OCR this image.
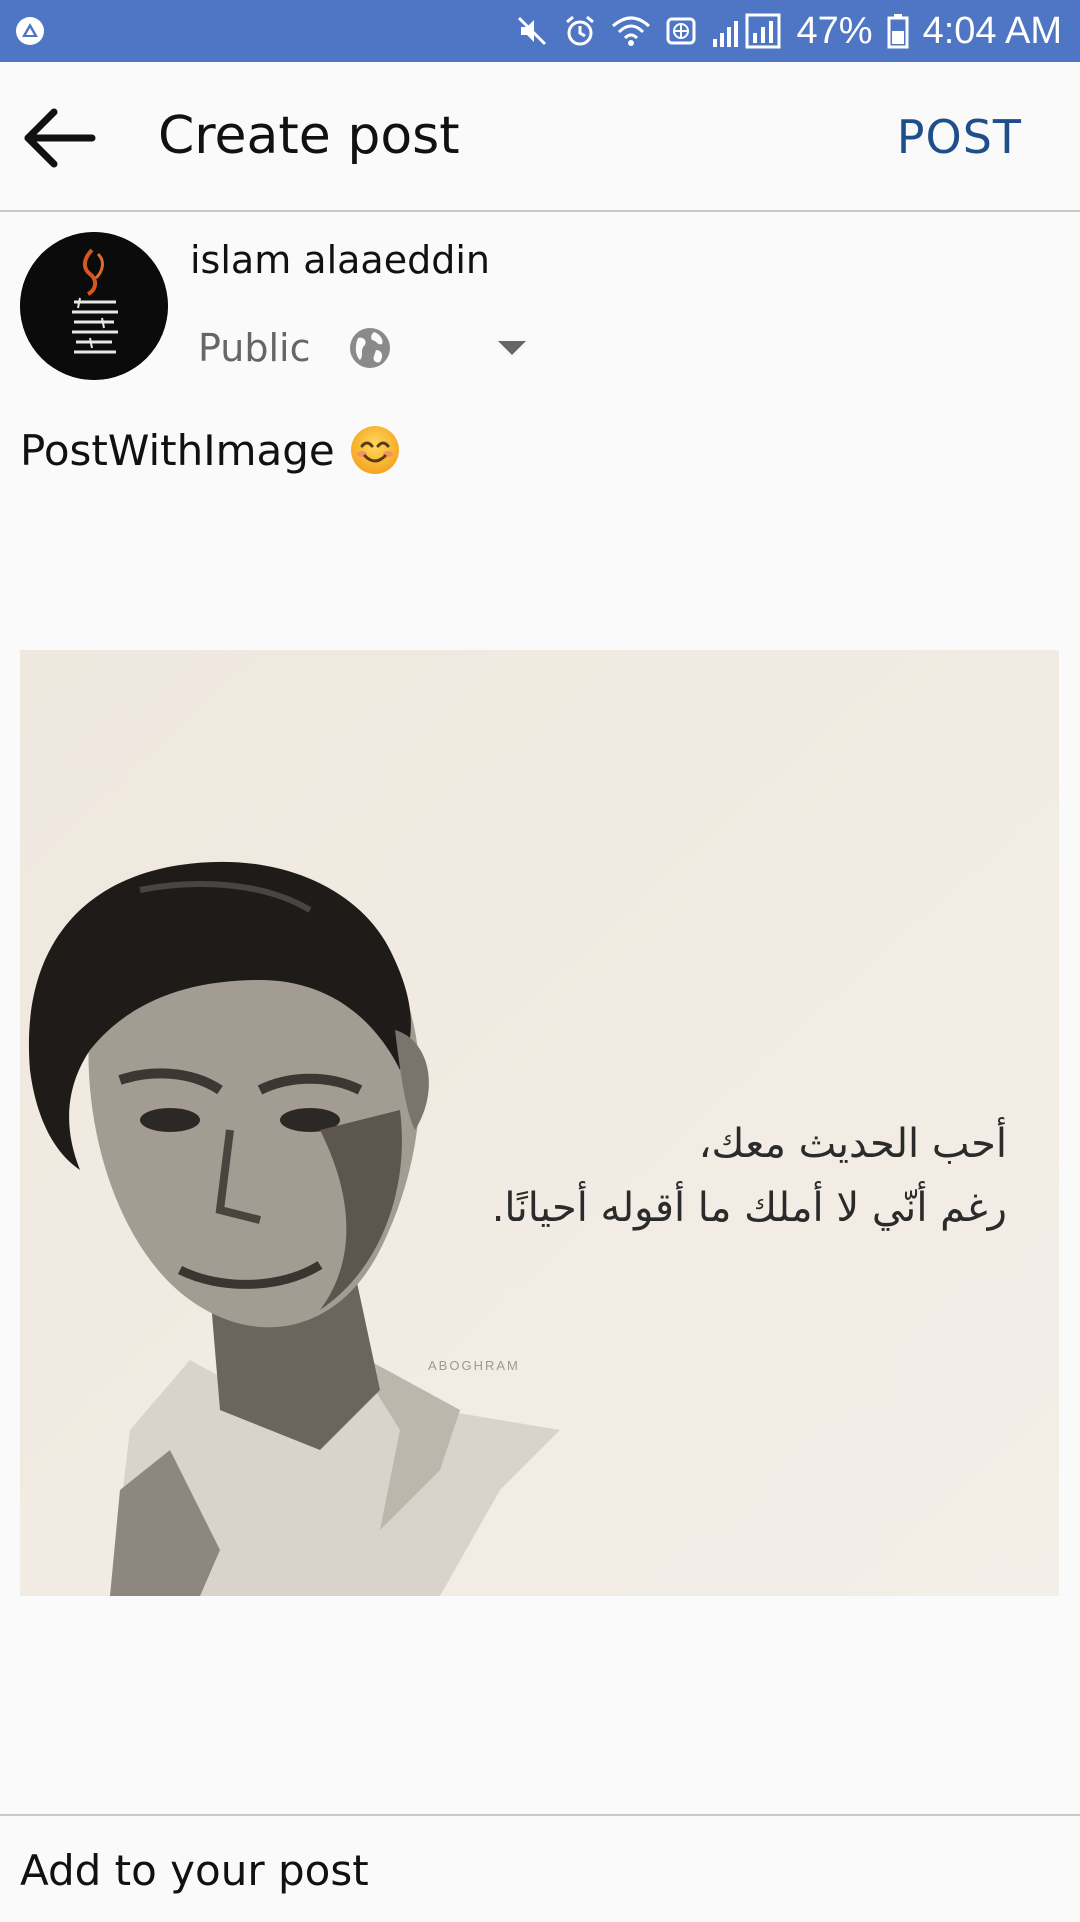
47% 4:04 AM
Create post	POST
islam alaaeddin
Public
PostWithImage
أحب الحديث معك،
رغم أنّي لا أملك ما أقوله أحيانًا.
ABOGHRAM
Add to your post
